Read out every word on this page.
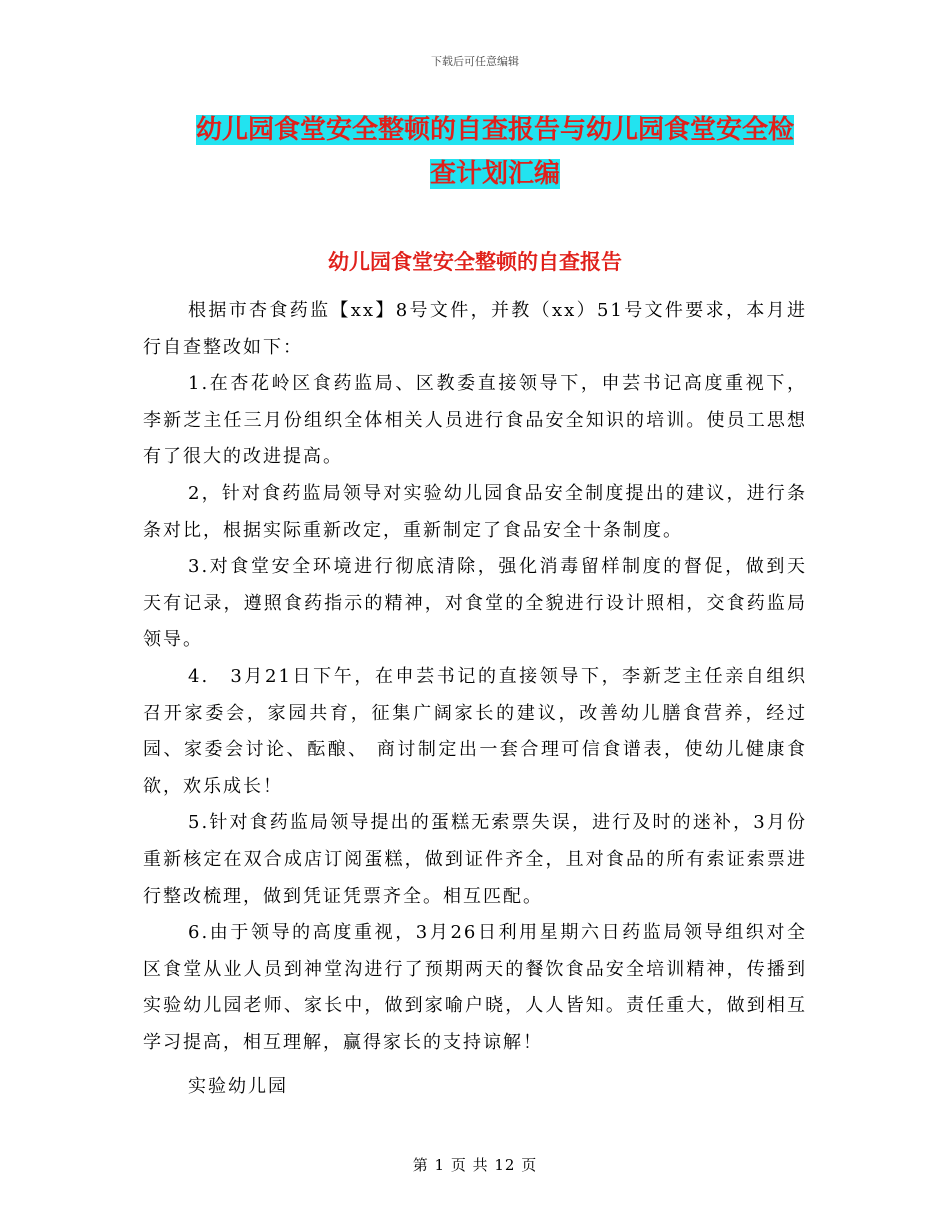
下载后可任意编辑
幼儿园食堂安全整顿的自查报告与幼儿园食堂安全检
查计划汇编
幼儿园食堂安全整顿的自查报告

根据市杏食药监【xx】8号文件，并教（xx）51号文件要求，本月进行自查整改如下：

1.在杏花岭区食药监局、区教委直接领导下，申芸书记高度重视下，李新芝主任三月份组织全体相关人员进行食品安全知识的培训。使员工思想有了很大的改进提高。

2，针对食药监局领导对实验幼儿园食品安全制度提出的建议，进行条条对比，根据实际重新改定，重新制定了食品安全十条制度。

3.对食堂安全环境进行彻底清除，强化消毒留样制度的督促，做到天天有记录，遵照食药指示的精神，对食堂的全貌进行设计照相，交食药监局领导。

4.　3月21日下午，在申芸书记的直接领导下，李新芝主任亲自组织召开家委会，家园共育，征集广阔家长的建议，改善幼儿膳食营养，经过园、家委会讨论、酝酿、 商讨制定出一套合理可信食谱表，使幼儿健康食欲，欢乐成长！

5.针对食药监局领导提出的蛋糕无索票失误，进行及时的迷补，3月份重新核定在双合成店订阅蛋糕，做到证件齐全，且对食品的所有索证索票进行整改梳理，做到凭证凭票齐全。相互匹配。

6.由于领导的高度重视，3月26日利用星期六日药监局领导组织对全区食堂从业人员到神堂沟进行了预期两天的餐饮食品安全培训精神，传播到实验幼儿园老师、家长中，做到家喻户晓，人人皆知。责任重大，做到相互学习提高，相互理解，赢得家长的支持谅解！

实验幼儿园
第 1 页 共 12 页
